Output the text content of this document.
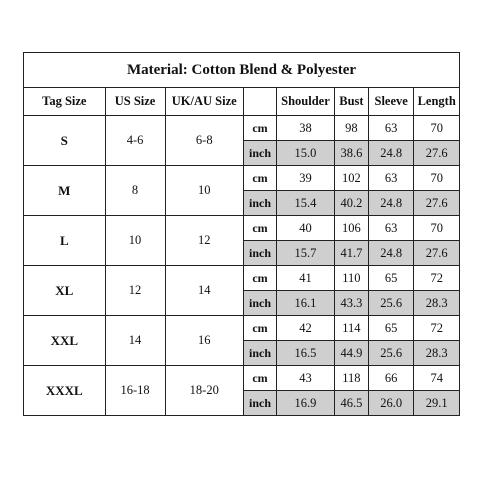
Material: Cotton Blend & Polyester							
Tag Size	US Size	UK/AU Size		Shoulder	Bust	Sleeve	Length
S	4-6	6-8	cm	38	98	63	70
			inch	15.0	38.6	24.8	27.6
M	8	10	cm	39	102	63	70
			inch	15.4	40.2	24.8	27.6
L	10	12	cm	40	106	63	70
			inch	15.7	41.7	24.8	27.6
XL	12	14	cm	41	110	65	72
			inch	16.1	43.3	25.6	28.3
XXL	14	16	cm	42	114	65	72
			inch	16.5	44.9	25.6	28.3
XXXL	16-18	18-20	cm	43	118	66	74
			inch	16.9	46.5	26.0	29.1
